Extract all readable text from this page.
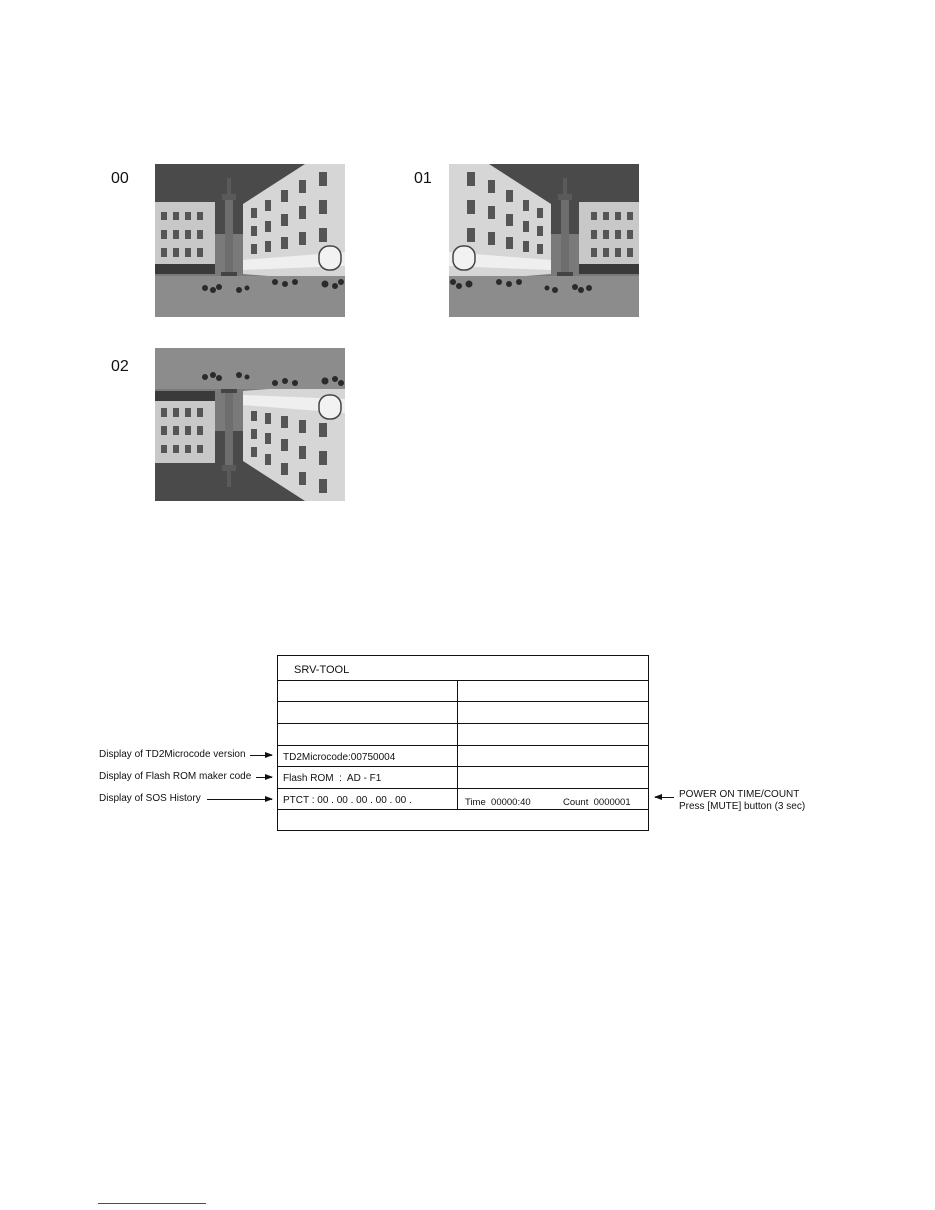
00	01
02
SRV-TOOL
TD2Microcode:00750004
Flash ROM  :  AD - F1
PTCT : 00 . 00 . 00 . 00 . 00 .	Time  00000:40	Count  0000001
Display of TD2Microcode version
Display of Flash ROM maker code
Display of SOS History	POWER ON TIME/COUNT
Press [MUTE] button (3 sec)
